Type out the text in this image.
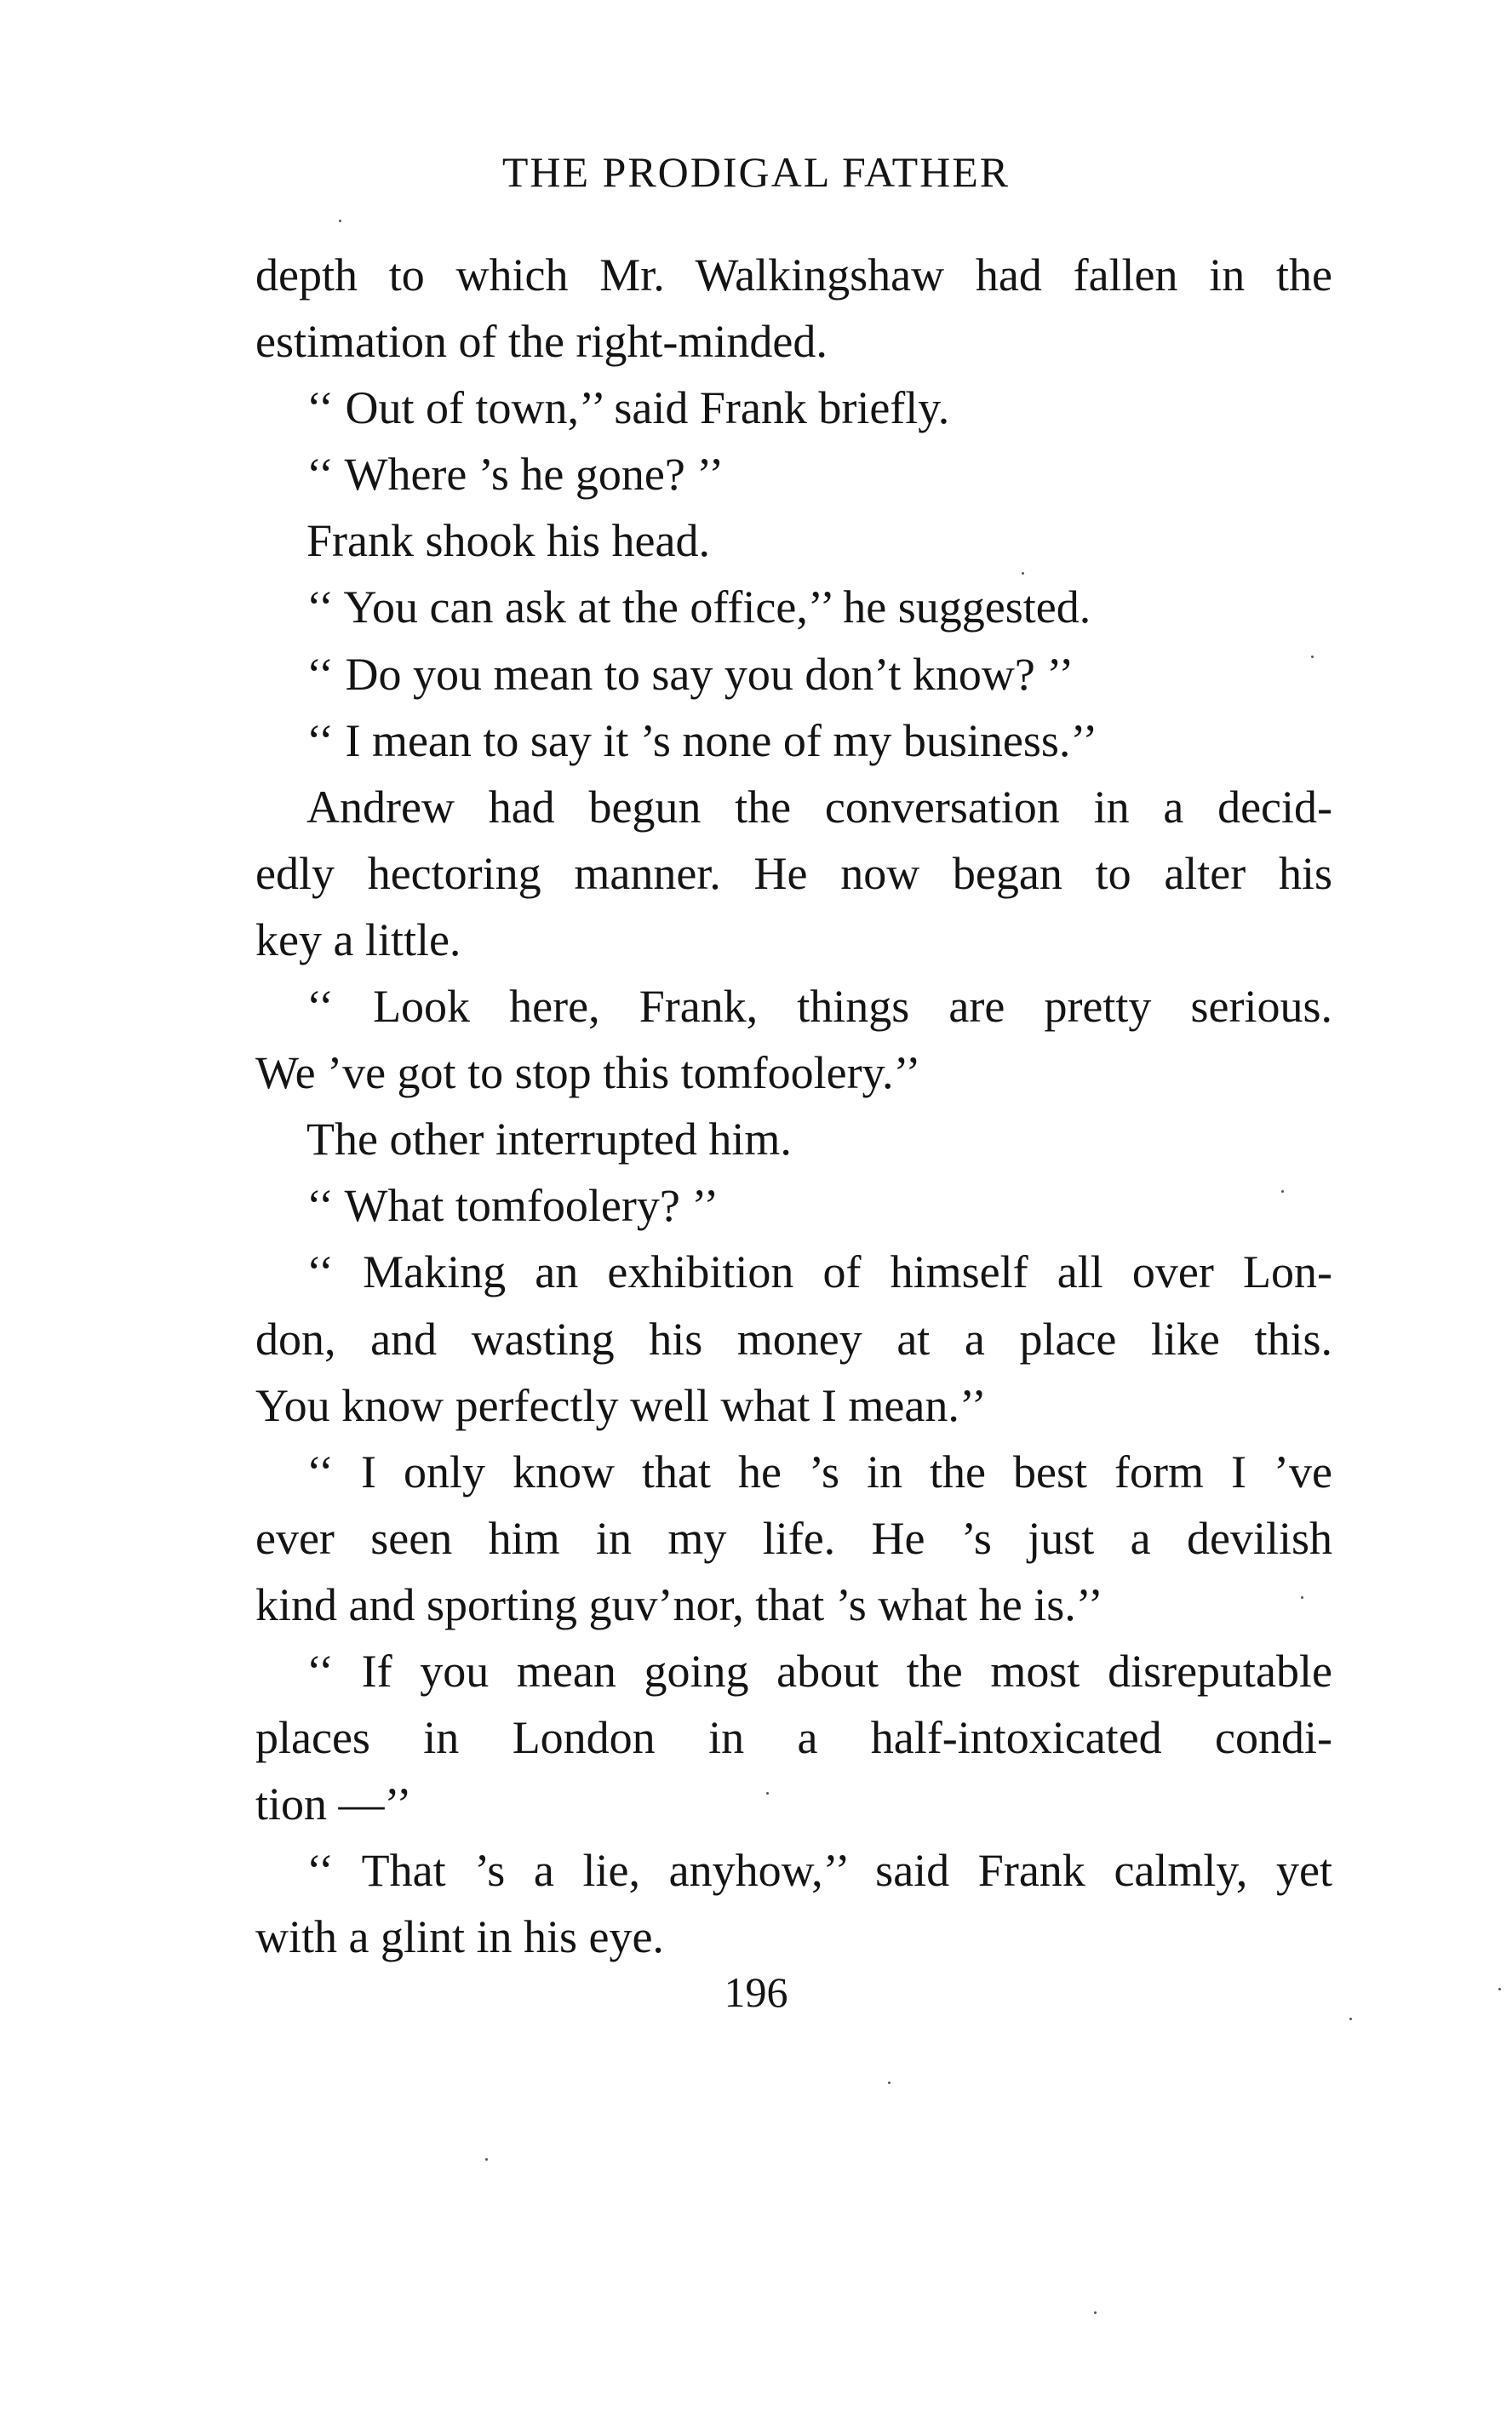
THE PRODIGAL FATHER
depth to which Mr. Walkingshaw had fallen in the
estimation of the right-minded.
‘‘ Out of town,’’ said Frank briefly.
‘‘ Where ’s he gone? ’’
Frank shook his head.
‘‘ You can ask at the office,’’ he suggested.
‘‘ Do you mean to say you don’t know? ’’
‘‘ I mean to say it ’s none of my business.’’
Andrew had begun the conversation in a decid-
edly hectoring manner. He now began to alter his
key a little.
‘‘ Look here, Frank, things are pretty serious.
We ’ve got to stop this tomfoolery.’’
The other interrupted him.
‘‘ What tomfoolery? ’’
‘‘ Making an exhibition of himself all over Lon-
don, and wasting his money at a place like this.
You know perfectly well what I mean.’’
‘‘ I only know that he ’s in the best form I ’ve
ever seen him in my life. He ’s just a devilish
kind and sporting guv’nor, that ’s what he is.’’
‘‘ If you mean going about the most disreputable
places in London in a half-intoxicated condi-
tion —’’
‘‘ That ’s a lie, anyhow,’’ said Frank calmly, yet
with a glint in his eye.
196
